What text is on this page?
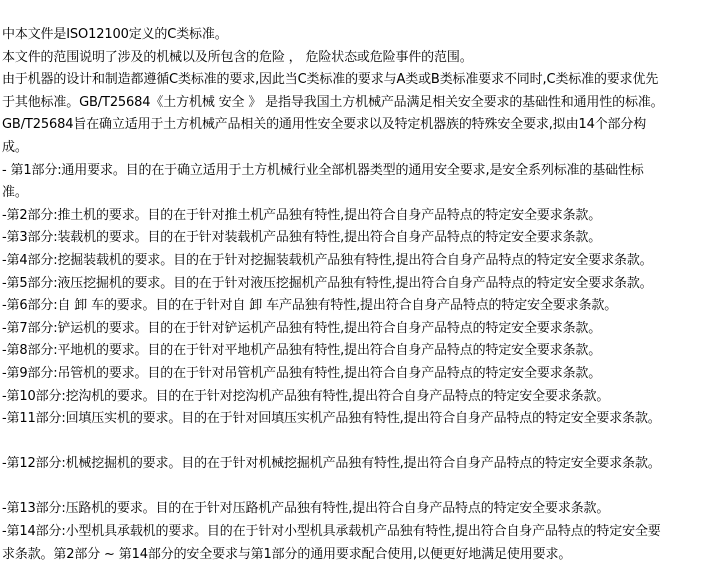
中本文件是ISO12100定义的C类标准。
本文件的范围说明了涉及的机械以及所包含的危险 ， 危险状态或危险事件的范围。
由于机器的设计和制造都遵循C类标准的要求,因此当C类标准的要求与A类或B类标准要求不同时,C类标准的要求优先
于其他标准。GB/T25684《土方机械 安全 》 是指导我国土方机械产品满足相关安全要求的基础性和通用性的标准。
GB/T25684旨在确立适用于土方机械产品相关的通用性安全要求以及特定机器族的特殊安全要求,拟由14个部分构
成。
- 第1部分:通用要求。目的在于确立适用于土方机械行业全部机器类型的通用安全要求,是安全系列标准的基础性标
准。
-第2部分:推土机的要求。目的在于针对推土机产品独有特性,提出符合自身产品特点的特定安全要求条款。
-第3部分:装载机的要求。目的在于针对装载机产品独有特性,提出符合自身产品特点的特定安全要求条款。
-第4部分:挖掘装载机的要求。目的在于针对挖掘装载机产品独有特性,提出符合自身产品特点的特定安全要求条款。
-第5部分:液压挖掘机的要求。目的在于针对液压挖掘机产品独有特性,提出符合自身产品特点的特定安全要求条款。
-第6部分:自 卸 车的要求。目的在于针对自 卸 车产品独有特性,提出符合自身产品特点的特定安全要求条款。
-第7部分:铲运机的要求。目的在于针对铲运机产品独有特性,提出符合自身产品特点的特定安全要求条款。
-第8部分:平地机的要求。目的在于针对平地机产品独有特性,提出符合自身产品特点的特定安全要求条款。
-第9部分:吊管机的要求。目的在于针对吊管机产品独有特性,提出符合自身产品特点的特定安全要求条款。
-第10部分:挖沟机的要求。目的在于针对挖沟机产品独有特性,提出符合自身产品特点的特定安全要求条款。
-第11部分:回填压实机的要求。目的在于针对回填压实机产品独有特性,提出符合自身产品特点的特定安全要求条款。
-第12部分:机械挖掘机的要求。目的在于针对机械挖掘机产品独有特性,提出符合自身产品特点的特定安全要求条款。
-第13部分:压路机的要求。目的在于针对压路机产品独有特性,提出符合自身产品特点的特定安全要求条款。
-第14部分:小型机具承载机的要求。目的在于针对小型机具承载机产品独有特性,提出符合自身产品特点的特定安全要
求条款。第2部分 ~ 第14部分的安全要求与第1部分的通用要求配合使用,以便更好地满足使用要求。
